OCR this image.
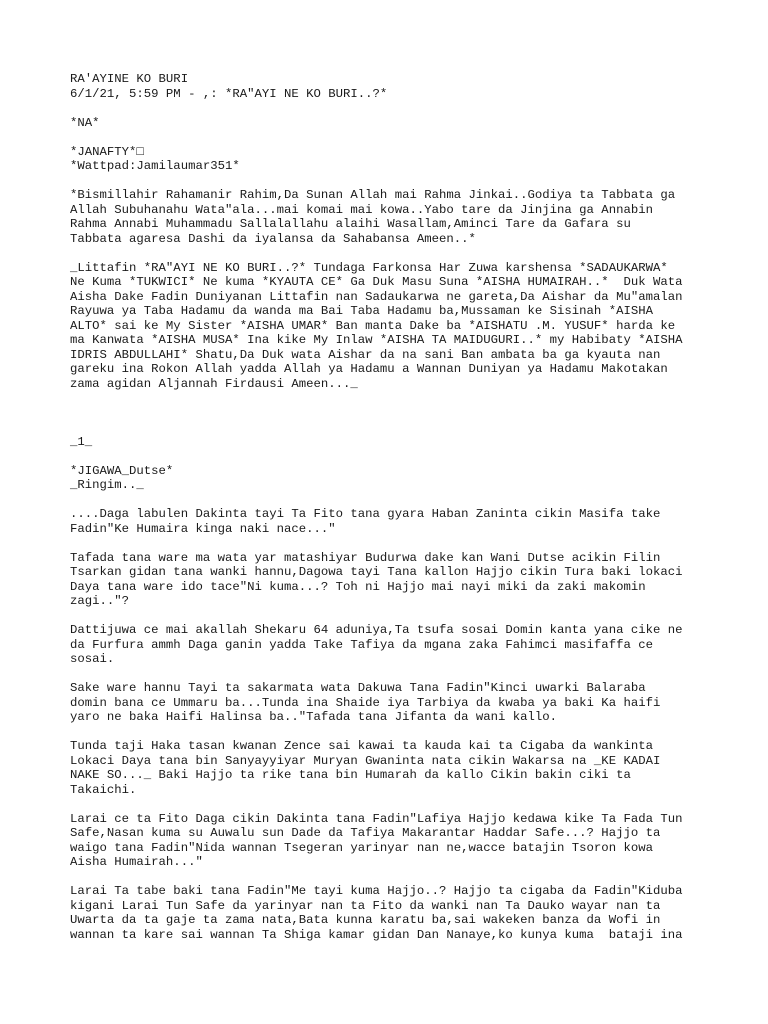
RA'AYINE KO BURI
6/1/21, 5:59 PM - ,: *RA"AYI NE KO BURI..?*
*NA*
*JANAFTY*□
*Wattpad:Jamilaumar351*
*Bismillahir Rahamanir Rahim,Da Sunan Allah mai Rahma Jinkai..Godiya ta Tabbata ga
Allah Subuhanahu Wata"ala...mai komai mai kowa..Yabo tare da Jinjina ga Annabin
Rahma Annabi Muhammadu Sallalallahu alaihi Wasallam,Aminci Tare da Gafara su
Tabbata agaresa Dashi da iyalansa da Sahabansa Ameen..*
_Littafin *RA"AYI NE KO BURI..?* Tundaga Farkonsa Har Zuwa karshensa *SADAUKARWA*
Ne Kuma *TUKWICI* Ne kuma *KYAUTA CE* Ga Duk Masu Suna *AISHA HUMAIRAH..*  Duk Wata
Aisha Dake Fadin Duniyanan Littafin nan Sadaukarwa ne gareta,Da Aishar da Mu"amalan
Rayuwa ya Taba Hadamu da wanda ma Bai Taba Hadamu ba,Mussaman ke Sisinah *AISHA
ALTO* sai ke My Sister *AISHA UMAR* Ban manta Dake ba *AISHATU .M. YUSUF* harda ke
ma Kanwata *AISHA MUSA* Ina kike My Inlaw *AISHA TA MAIDUGURI..* my Habibaty *AISHA
IDRIS ABDULLAHI* Shatu,Da Duk wata Aishar da na sani Ban ambata ba ga kyauta nan
gareku ina Rokon Allah yadda Allah ya Hadamu a Wannan Duniyan ya Hadamu Makotakan
zama agidan Aljannah Firdausi Ameen..._
_1_
*JIGAWA_Dutse*
_Ringim.._
....Daga labulen Dakinta tayi Ta Fito tana gyara Haban Zaninta cikin Masifa take
Fadin"Ke Humaira kinga naki nace..."
Tafada tana ware ma wata yar matashiyar Budurwa dake kan Wani Dutse acikin Filin
Tsarkan gidan tana wanki hannu,Dagowa tayi Tana kallon Hajjo cikin Tura baki lokaci
Daya tana ware ido tace"Ni kuma...? Toh ni Hajjo mai nayi miki da zaki makomin
zagi.."?
Dattijuwa ce mai akallah Shekaru 64 aduniya,Ta tsufa sosai Domin kanta yana cike ne
da Furfura ammh Daga ganin yadda Take Tafiya da mgana zaka Fahimci masifaffa ce
sosai.
Sake ware hannu Tayi ta sakarmata wata Dakuwa Tana Fadin"Kinci uwarki Balaraba
domin bana ce Ummaru ba...Tunda ina Shaide iya Tarbiya da kwaba ya baki Ka haifi
yaro ne baka Haifi Halinsa ba.."Tafada tana Jifanta da wani kallo.
Tunda taji Haka tasan kwanan Zence sai kawai ta kauda kai ta Cigaba da wankinta
Lokaci Daya tana bin Sanyayyiyar Muryan Gwaninta nata cikin Wakarsa na _KE KADAI
NAKE SO..._ Baki Hajjo ta rike tana bin Humarah da kallo Cikin bakin ciki ta
Takaichi.
Larai ce ta Fito Daga cikin Dakinta tana Fadin"Lafiya Hajjo kedawa kike Ta Fada Tun
Safe,Nasan kuma su Auwalu sun Dade da Tafiya Makarantar Haddar Safe...? Hajjo ta
waigo tana Fadin"Nida wannan Tsegeran yarinyar nan ne,wacce batajin Tsoron kowa
Aisha Humairah..."
Larai Ta tabe baki tana Fadin"Me tayi kuma Hajjo..? Hajjo ta cigaba da Fadin"Kiduba
kigani Larai Tun Safe da yarinyar nan ta Fito da wanki nan Ta Dauko wayar nan ta
Uwarta da ta gaje ta zama nata,Bata kunna karatu ba,sai wakeken banza da Wofi in
wannan ta kare sai wannan Ta Shiga kamar gidan Dan Nanaye,ko kunya kuma  bataji ina
